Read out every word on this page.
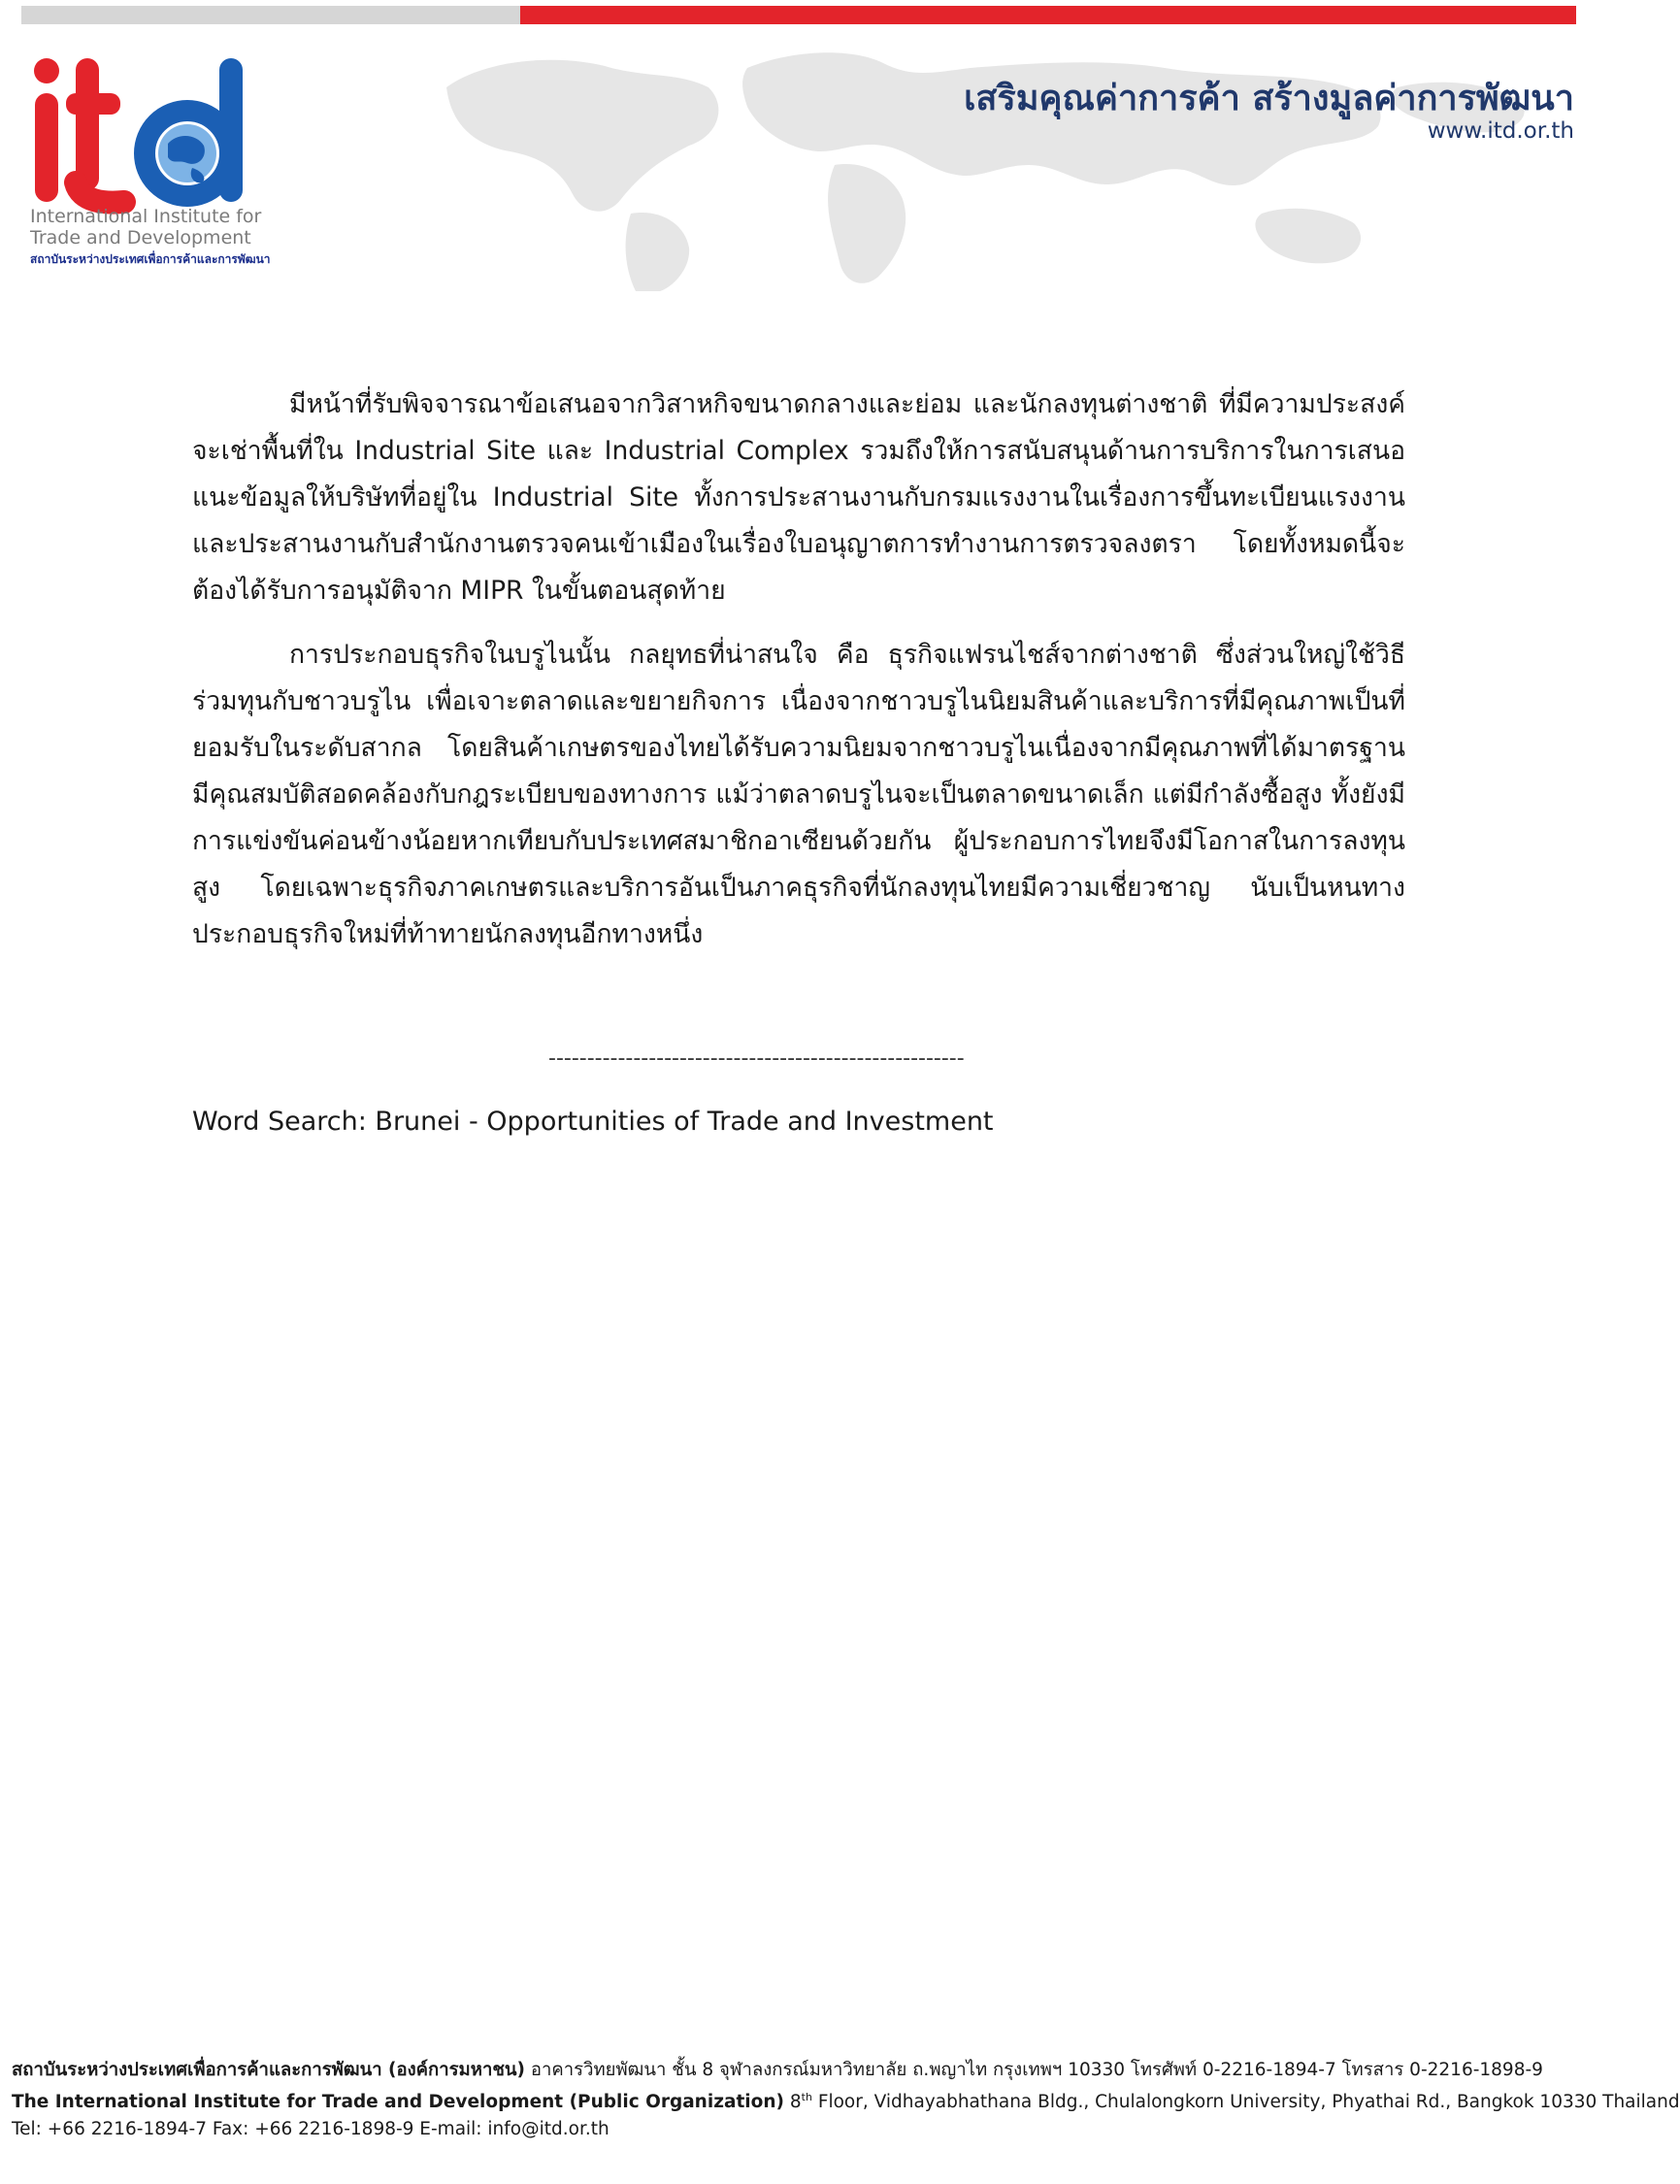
International Institute for
Trade and Development
สถาบันระหว่างประเทศเพื่อการค้าและการพัฒนา
เสริมคุณค่าการค้า สร้างมูลค่าการพัฒนา
www.itd.or.th

มีหน้าที่รับพิจจารณาข้อเสนอจากวิสาหกิจขนาดกลางและย่อม และนักลงทุนต่างชาติ ที่มีความประสงค์จะเช่าพื้นที่ใน Industrial Site และ Industrial Complex รวมถึงให้การสนับสนุนด้านการบริการในการเสนอแนะข้อมูลให้บริษัทที่อยู่ใน Industrial Site ทั้งการประสานงานกับกรมแรงงานในเรื่องการขึ้นทะเบียนแรงงาน และประสานงานกับสำนักงานตรวจคนเข้าเมืองในเรื่องใบอนุญาตการทำงานการตรวจลงตรา โดยทั้งหมดนี้จะต้องได้รับการอนุมัติจาก MIPR ในขั้นตอนสุดท้าย

การประกอบธุรกิจในบรูไนนั้น กลยุทธที่น่าสนใจ คือ ธุรกิจแฟรนไชส์จากต่างชาติ ซึ่งส่วนใหญ่ใช้วิธีร่วมทุนกับชาวบรูไน เพื่อเจาะตลาดและขยายกิจการ เนื่องจากชาวบรูไนนิยมสินค้าและบริการที่มีคุณภาพเป็นที่ยอมรับในระดับสากล โดยสินค้าเกษตรของไทยได้รับความนิยมจากชาวบรูไนเนื่องจากมีคุณภาพที่ได้มาตรฐาน มีคุณสมบัติสอดคล้องกับกฎระเบียบของทางการ แม้ว่าตลาดบรูไนจะเป็นตลาดขนาดเล็ก แต่มีกำลังซื้อสูง ทั้งยังมีการแข่งขันค่อนข้างน้อยหากเทียบกับประเทศสมาชิกอาเซียนด้วยกัน ผู้ประกอบการไทยจึงมีโอกาสในการลงทุนสูง โดยเฉพาะธุรกิจภาคเกษตรและบริการอันเป็นภาคธุรกิจที่นักลงทุนไทยมีความเชี่ยวชาญ นับเป็นหนทางประกอบธุรกิจใหม่ที่ท้าทายนักลงทุนอีกทางหนึ่ง

------------------------------------------------------
Word Search: Brunei - Opportunities of Trade and Investment
สถาบันระหว่างประเทศเพื่อการค้าและการพัฒนา (องค์การมหาชน) อาคารวิทยพัฒนา ชั้น 8 จุฬาลงกรณ์มหาวิทยาลัย ถ.พญาไท กรุงเทพฯ 10330 โทรศัพท์ 0-2216-1894-7 โทรสาร 0-2216-1898-9
The International Institute for Trade and Development (Public Organization) 8th Floor, Vidhayabhathana Bldg., Chulalongkorn University, Phyathai Rd., Bangkok 10330 Thailand
Tel: +66 2216-1894-7 Fax: +66 2216-1898-9 E-mail: info@itd.or.th
